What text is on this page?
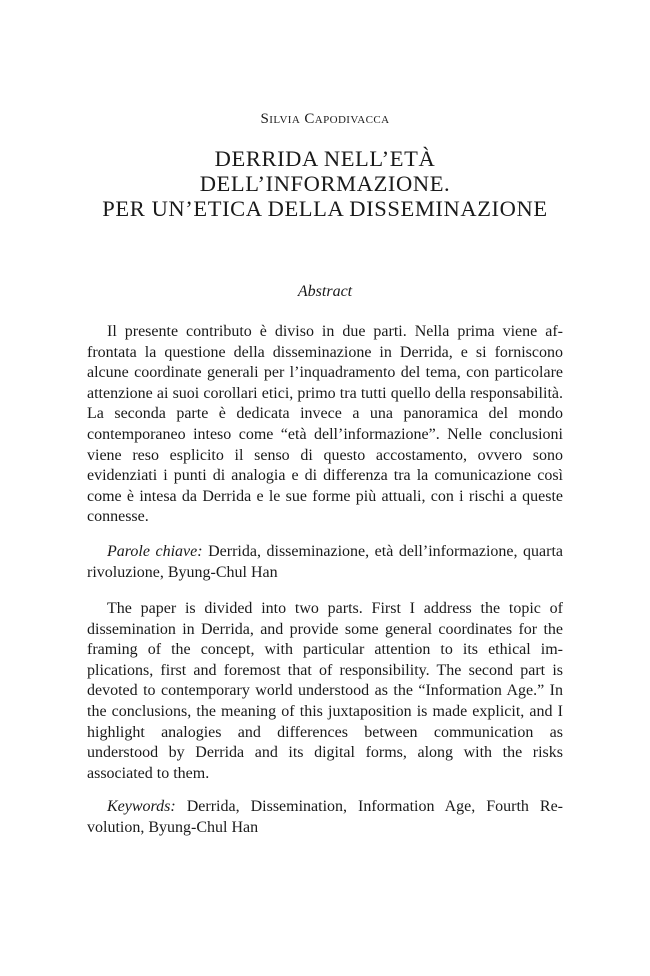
Silvia Capodivacca
DERRIDA NELL’ETÀ
DELL’INFORMAZIONE.
PER UN’ETICA DELLA DISSEMINAZIONE
Abstract

Il presente contributo è diviso in due parti. Nella prima viene affrontata la questione della disseminazione in Derrida, e si forniscono alcune coordinate generali per l’inquadramento del tema, con particolare attenzione ai suoi corollari etici, primo tra tutti quello della responsabilità. La seconda parte è dedicata invece a una panoramica del mondo contemporaneo inteso come “età dell’informazione”. Nelle conclusioni viene reso esplicito il senso di questo accostamento, ovvero sono evidenziati i punti di analogia e di differenza tra la comunicazione così come è intesa da Derrida e le sue forme più attuali, con i rischi a queste connesse.

Parole chiave: Derrida, disseminazione, età dell’informazione, quarta rivoluzione, Byung-Chul Han

The paper is divided into two parts. First I address the topic of dissemination in Derrida, and provide some general coordinates for the framing of the concept, with particular attention to its ethical implications, first and foremost that of responsibility. The second part is devoted to contemporary world understood as the “Information Age.” In the conclusions, the meaning of this juxtaposition is made explicit, and I highlight analogies and differences between communication as understood by Derrida and its digital forms, along with the risks associated to them.

Keywords: Derrida, Dissemination, Information Age, Fourth Revolution, Byung-Chul Han
